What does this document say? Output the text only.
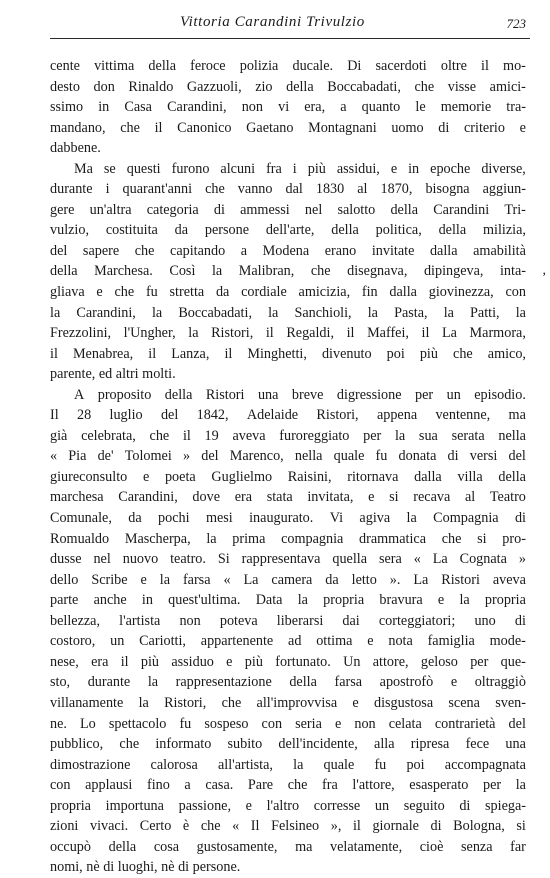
Vittoria Carandini Trivulzio	723
cente vittima della feroce polizia ducale. Di sacerdoti oltre il mo-
desto don Rinaldo Gazzuoli, zio della Boccabadati, che visse amici-
ssimo in Casa Carandini, non vi era, a quanto le memorie tra-
mandano, che il Canonico Gaetano Montagnani uomo di criterio e
dabbene.
Ma se questi furono alcuni fra i più assidui, e in epoche diverse,
durante i quarant'anni che vanno dal 1830 al 1870, bisogna aggiun-
gere un'altra categoria di ammessi nel salotto della Carandini Tri-
vulzio, costituita da persone dell'arte, della politica, della milizia,
del sapere che capitando a Modena erano invitate dalla amabilità
della Marchesa. Così la Malibran, che disegnava, dipingeva, inta-
gliava e che fu stretta da cordiale amicizia, fin dalla giovinezza, con
la Carandini, la Boccabadati, la Sanchioli, la Pasta, la Patti, la
Frezzolini, l'Ungher, la Ristori, il Regaldi, il Maffei, il La Marmora,
il Menabrea, il Lanza, il Minghetti, divenuto poi più che amico,
parente, ed altri molti.
A proposito della Ristori una breve digressione per un episodio.
Il 28 luglio del 1842, Adelaide Ristori, appena ventenne, ma
già celebrata, che il 19 aveva furoreggiato per la sua serata nella
« Pia de' Tolomei » del Marenco, nella quale fu donata di versi del
giureconsulto e poeta Guglielmo Raisini, ritornava dalla villa della
marchesa Carandini, dove era stata invitata, e si recava al Teatro
Comunale, da pochi mesi inaugurato. Vi agiva la Compagnia di
Romualdo Mascherpa, la prima compagnia drammatica che si pro-
dusse nel nuovo teatro. Si rappresentava quella sera « La Cognata »
dello Scribe e la farsa « La camera da letto ». La Ristori aveva
parte anche in quest'ultima. Data la propria bravura e la propria
bellezza, l'artista non poteva liberarsi dai corteggiatori; uno di
costoro, un Cariotti, appartenente ad ottima e nota famiglia mode-
nese, era il più assiduo e più fortunato. Un attore, geloso per que-
sto, durante la rappresentazione della farsa apostrofò e oltraggiò
villanamente la Ristori, che all'improvvisa e disgustosa scena sven-
ne. Lo spettacolo fu sospeso con seria e non celata contrarietà del
pubblico, che informato subito dell'incidente, alla ripresa fece una
dimostrazione calorosa all'artista, la quale fu poi accompagnata
con applausi fino a casa. Pare che fra l'attore, esasperato per la
propria importuna passione, e l'altro corresse un seguito di spiega-
zioni vivaci. Certo è che « Il Felsineo », il giornale di Bologna, si
occupò della cosa gustosamente, ma velatamente, cioè senza far
nomi, nè di luoghi, nè di persone.
,
